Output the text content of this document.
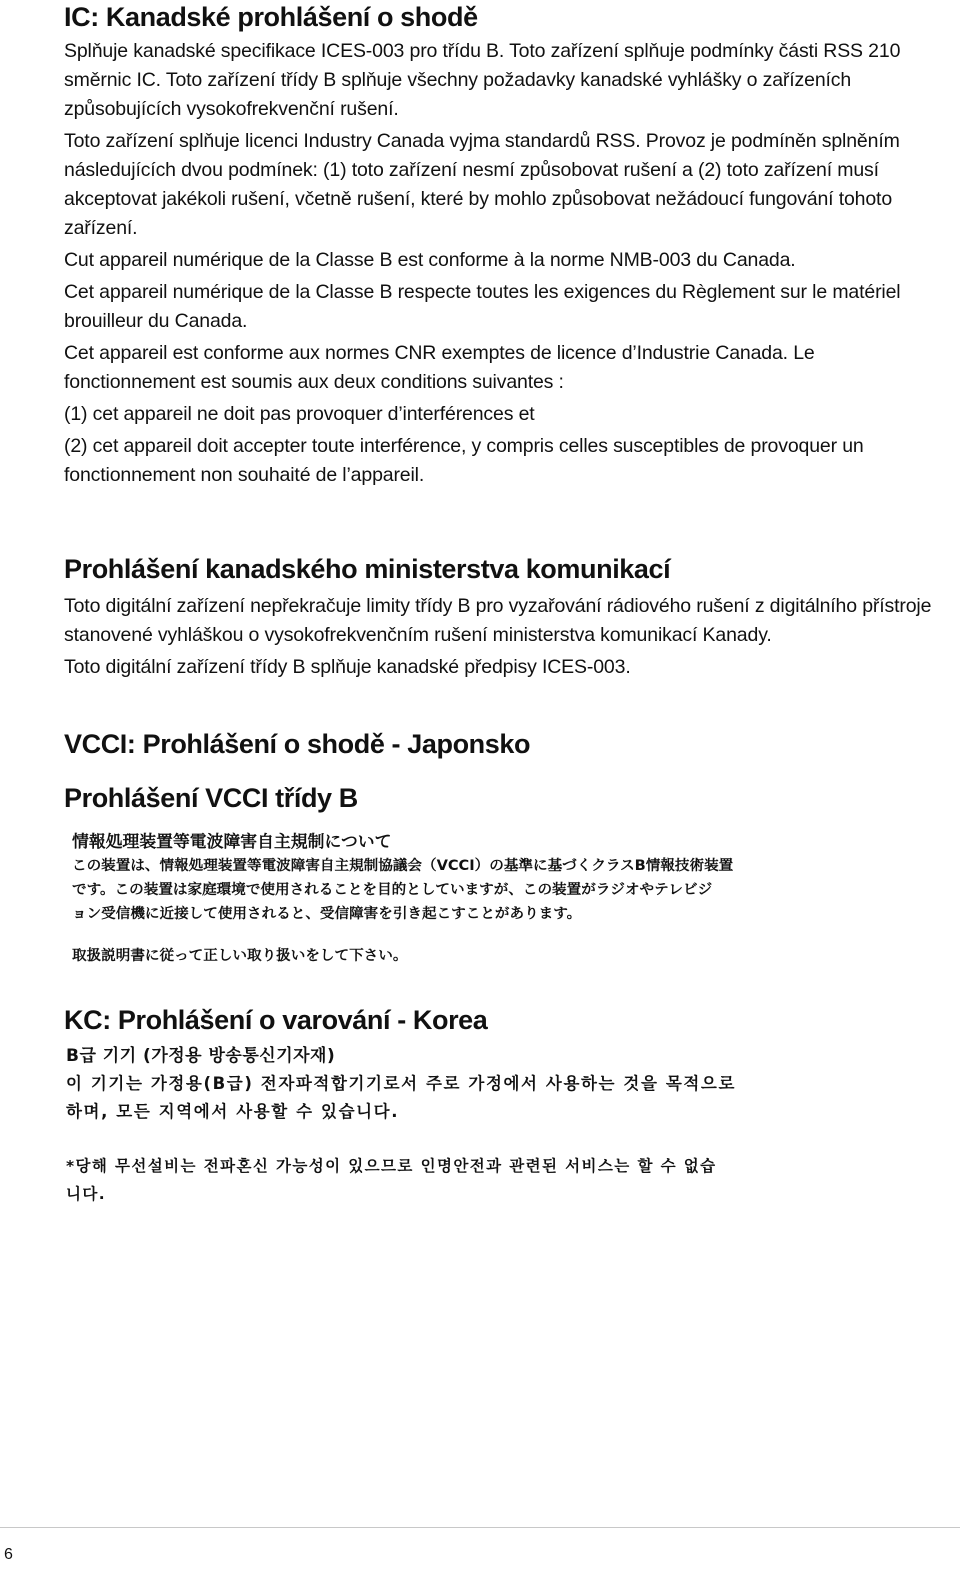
IC: Kanadské prohlášení o shodě

Splňuje kanadské specifikace ICES-003 pro třídu B. Toto zařízení splňuje podmínky části RSS 210 směrnic IC. Toto zařízení třídy B splňuje všechny požadavky kanadské vyhlášky o zařízeních způsobujících vysokofrekvenční rušení.

Toto zařízení splňuje licenci Industry Canada vyjma standardů RSS. Provoz je podmíněn splněním následujících dvou podmínek: (1) toto zařízení nesmí způsobovat rušení a (2) toto zařízení musí akceptovat jakékoli rušení, včetně rušení, které by mohlo způsobovat nežádoucí fungování tohoto zařízení.

Cut appareil numérique de la Classe B est conforme à la norme NMB-003 du Canada.

Cet appareil numérique de la Classe B respecte toutes les exigences du Règlement sur le matériel brouilleur du Canada.

Cet appareil est conforme aux normes CNR exemptes de licence d’Industrie Canada. Le fonctionnement est soumis aux deux conditions suivantes :

(1) cet appareil ne doit pas provoquer d’interférences et

(2) cet appareil doit accepter toute interférence, y compris celles susceptibles de provoquer un fonctionnement non souhaité de l’appareil.

Prohlášení kanadského ministerstva komunikací

Toto digitální zařízení nepřekračuje limity třídy B pro vyzařování rádiového rušení z digitálního přístroje stanovené vyhláškou o vysokofrekvenčním rušení ministerstva komunikací Kanady.

Toto digitální zařízení třídy B splňuje kanadské předpisy ICES-003.

VCCI: Prohlášení o shodě - Japonsko
Prohlášení VCCI třídy B
情報処理装置等電波障害自主規制について
この装置は、情報処理装置等電波障害自主規制協議会（VCCI）の基準に基づくクラスB情報技術装置
です。この装置は家庭環境で使用されることを目的としていますが、この装置がラジオやテレビジ
ョン受信機に近接して使用されると、受信障害を引き起こすことがあります。
取扱説明書に従って正しい取り扱いをして下さい。
KC: Prohlášení o varování - Korea
B급 기기 (가정용 방송통신기자재)
이 기기는 가정용(B급) 전자파적합기기로서 주로 가정에서 사용하는 것을 목적으로
하며, 모든 지역에서 사용할 수 있습니다.
*당해 무선설비는 전파혼신 가능성이 있으므로 인명안전과 관련된 서비스는 할 수 없습
니다.
6
